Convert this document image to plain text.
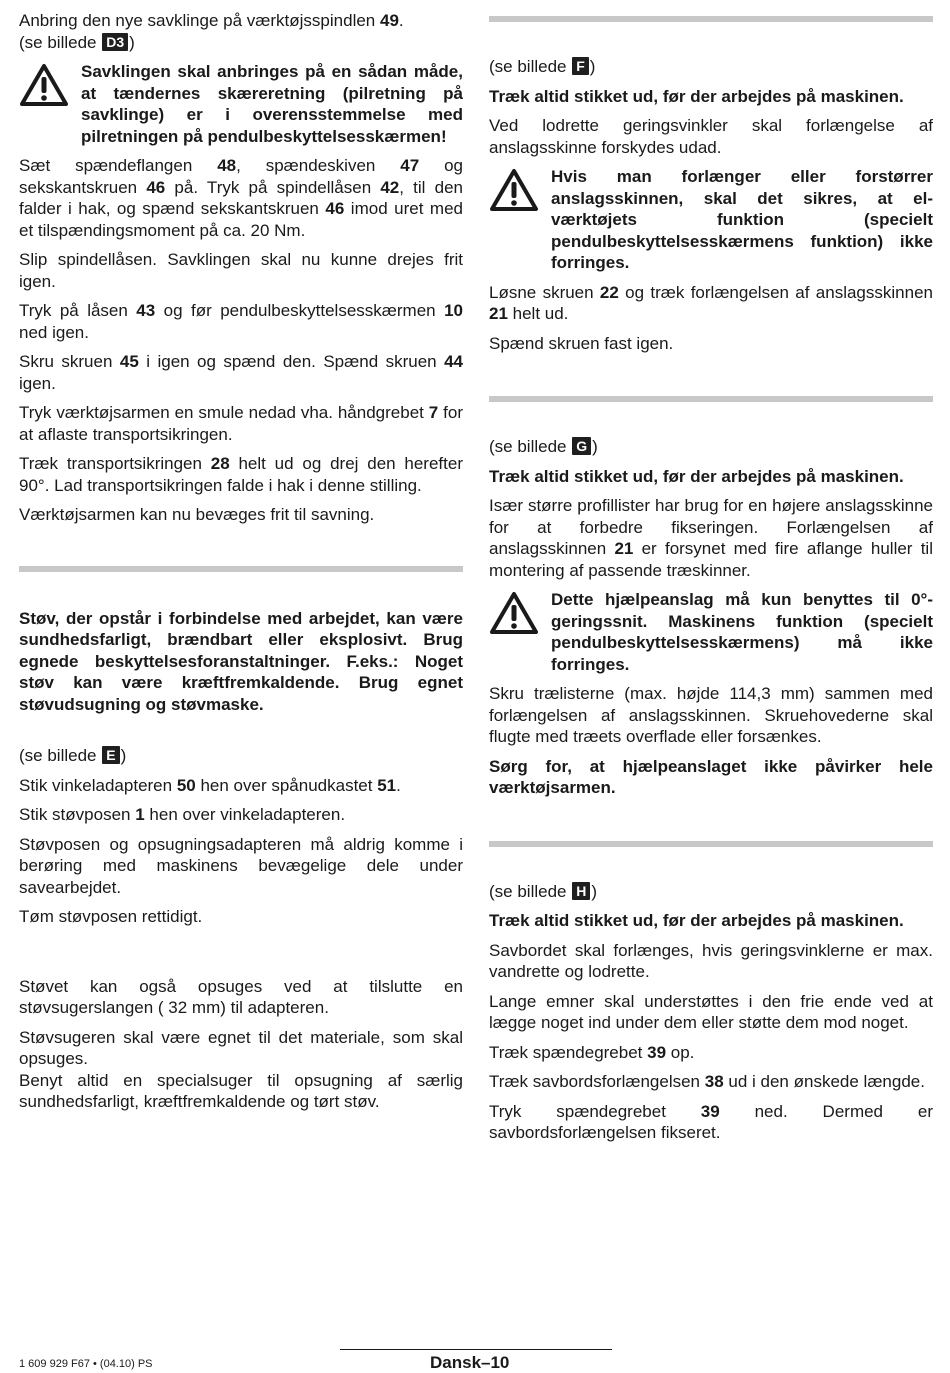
Anbring den nye savklinge på værktøjsspindlen 49.

(se billede D3 )

Savklingen skal anbringes på en sådan måde, at tændernes skæreretning (pilretning på savklinge) er i overensstemmelse med pilretningen på pendulbeskyttelsesskærmen!

Sæt spændeflangen 48, spændeskiven 47 og sekskantskruen 46 på. Tryk på spindellåsen 42, til den falder i hak, og spænd sekskantskruen 46 imod uret med et tilspændingsmoment på ca. 20 Nm.

Slip spindellåsen. Savklingen skal nu kunne drejes frit igen.

Tryk på låsen 43 og før pendulbeskyttelsesskærmen 10 ned igen.

Skru skruen 45 i igen og spænd den. Spænd skruen 44 igen.

Tryk værktøjsarmen en smule nedad vha. håndgrebet 7 for at aflaste transportsikringen.

Træk transportsikringen 28 helt ud og drej den herefter 90°. Lad transportsikringen falde i hak i denne stilling.

Værktøjsarmen kan nu bevæges frit til savning.

Støv, der opstår i forbindelse med arbejdet, kan være sundhedsfarligt, brændbart eller eksplosivt. Brug egnede beskyttelsesforanstaltninger. F.eks.: Noget støv kan være kræftfremkaldende. Brug egnet støvudsugning og støvmaske.

(se billede E )

Stik vinkeladapteren 50 hen over spånudkastet 51.

Stik støvposen 1 hen over vinkeladapteren.

Støvposen og opsugningsadapteren må aldrig komme i berøring med maskinens bevægelige dele under savearbejdet.

Tøm støvposen rettidigt.

Støvet kan også opsuges ved at tilslutte en støvsugerslangen ( 32 mm) til adapteren.

Støvsugeren skal være egnet til det materiale, som skal opsuges.

Benyt altid en specialsuger til opsugning af særlig sundhedsfarligt, kræftfremkaldende og tørt støv.

(se billede F )

Træk altid stikket ud, før der arbejdes på maskinen.

Ved lodrette geringsvinkler skal forlængelse af anslagsskinne forskydes udad.

Hvis man forlænger eller forstørrer anslagsskinnen, skal det sikres, at el-værktøjets funktion (specielt pendulbeskyttelsesskærmens funktion) ikke forringes.

Løsne skruen 22 og træk forlængelsen af anslagsskinnen 21 helt ud.

Spænd skruen fast igen.

(se billede G )

Træk altid stikket ud, før der arbejdes på maskinen.

Især større profillister har brug for en højere anslagsskinne for at forbedre fikseringen. Forlængelsen af anslagsskinnen 21 er forsynet med fire aflange huller til montering af passende træskinner.

Dette hjælpeanslag må kun benyttes til 0°-geringssnit. Maskinens funktion (specielt pendulbeskyttelsesskærmens) må ikke forringes.

Skru trælisterne (max. højde 114,3 mm) sammen med forlængelsen af anslagsskinnen. Skruehovederne skal flugte med træets overflade eller forsænkes.

Sørg for, at hjælpeanslaget ikke påvirker hele værktøjsarmen.

(se billede H )

Træk altid stikket ud, før der arbejdes på maskinen.

Savbordet skal forlænges, hvis geringsvinklerne er max. vandrette og lodrette.

Lange emner skal understøttes i den frie ende ved at lægge noget ind under dem eller støtte dem mod noget.

Træk spændegrebet 39 op.

Træk savbordsforlængelsen 38 ud i den ønskede længde.

Tryk spændegrebet 39 ned. Dermed er savbordsforlængelsen fikseret.

1 609 929 F67 • (04.10) PS	Dansk–10
